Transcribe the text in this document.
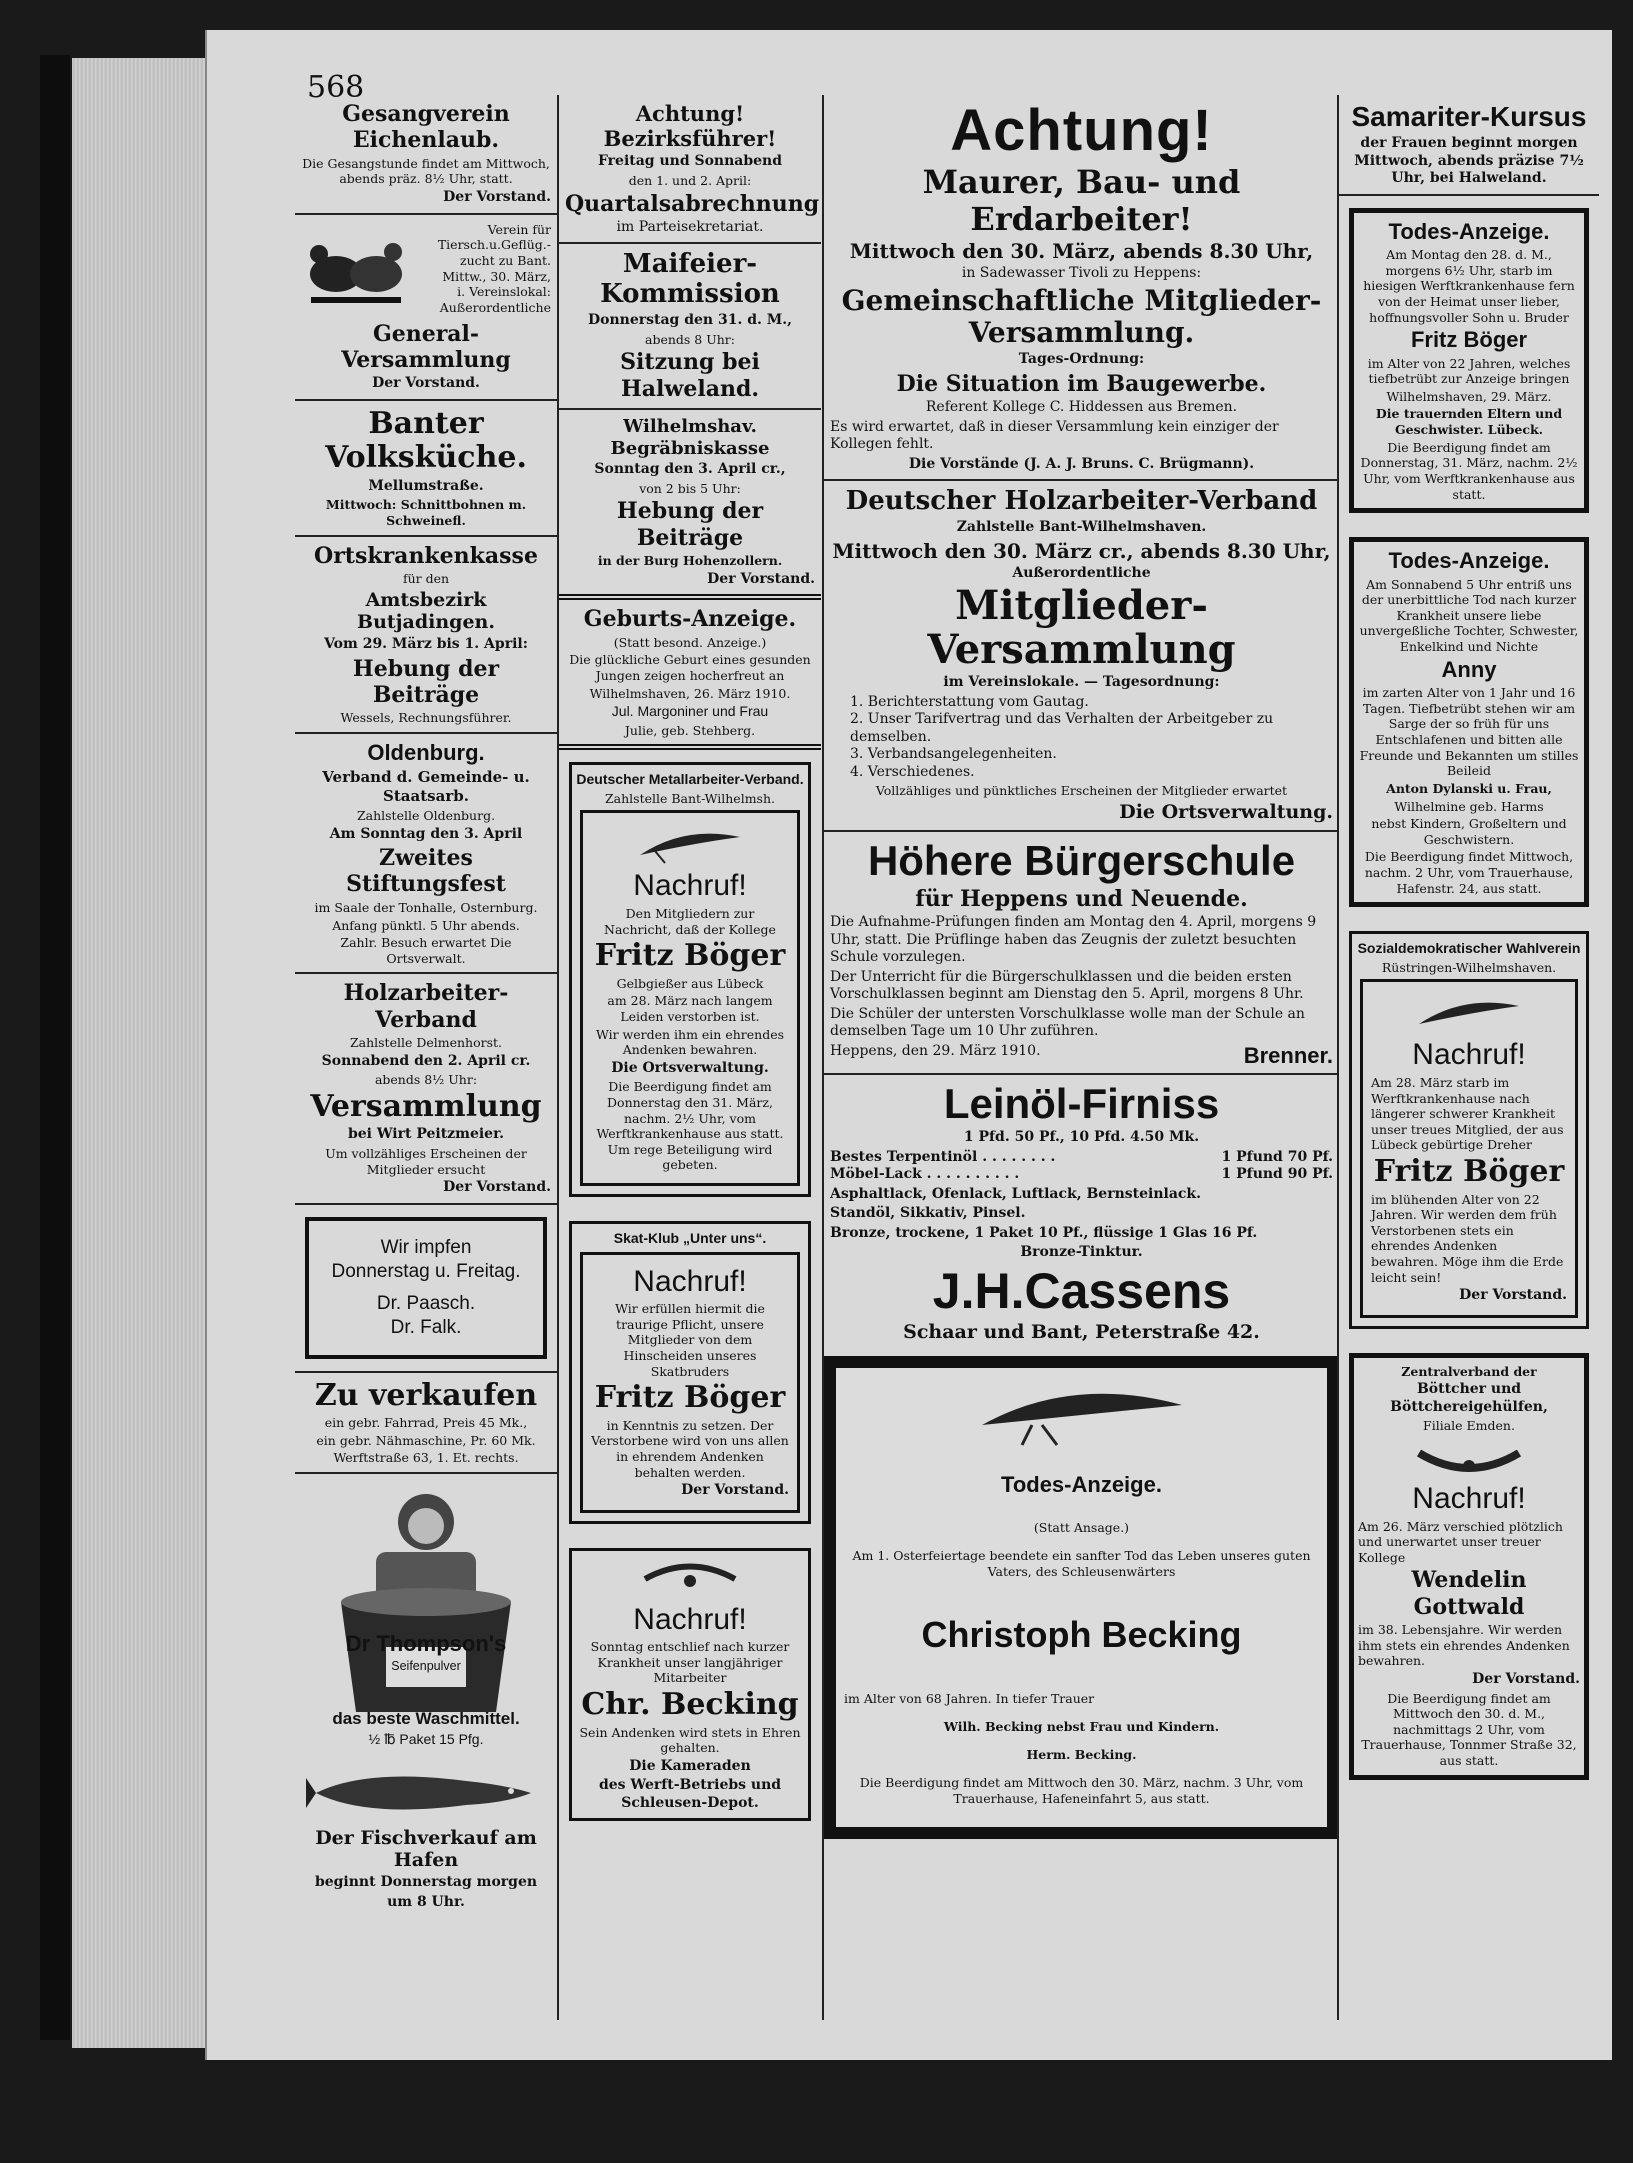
568

Gesangverein Eichenlaub.

Die Gesangstunde findet am Mittwoch, abends präz. 8½ Uhr, statt.

Der Vorstand.

Verein für
Tiersch.u.Geflüg.-
zucht zu Bant.
Mittw., 30. März,
i. Vereinslokal:
Außerordentliche

General-Versammlung

Der Vorstand.

Banter Volksküche.

Mellumstraße.

Mittwoch: Schnittbohnen m. Schweinefl.

Ortskrankenkasse

für den

Amtsbezirk Butjadingen.

Vom 29. März bis 1. April:

Hebung der Beiträge

Wessels, Rechnungsführer.

Oldenburg.

Verband d. Gemeinde- u. Staatsarb.

Zahlstelle Oldenburg.

Am Sonntag den 3. April

Zweites Stiftungsfest

im Saale der Tonhalle, Osternburg.

Anfang pünktl. 5 Uhr abends.

Zahlr. Besuch erwartet Die Ortsverwalt.

Holzarbeiter-Verband

Zahlstelle Delmenhorst.

Sonnabend den 2. April cr.

abends 8½ Uhr:

Versammlung

bei Wirt Peitzmeier.

Um vollzähliges Erscheinen der Mitglieder ersucht

Der Vorstand.

Wir impfen

Donnerstag u. Freitag.

Dr. Paasch.

Dr. Falk.

Zu verkaufen

ein gebr. Fahrrad, Preis 45 Mk.,

ein gebr. Nähmaschine, Pr. 60 Mk.

Werftstraße 63, 1. Et. rechts.

Dr Thompson's

Seifenpulver

das beste Waschmittel.

½ ℔ Paket 15 Pfg.

Der Fischverkauf am Hafen

beginnt Donnerstag morgen

um 8 Uhr.

Achtung! Bezirksführer!

Freitag und Sonnabend

den 1. und 2. April:

Quartalsabrechnung

im Parteisekretariat.

Maifeier-Kommission

Donnerstag den 31. d. M.,

abends 8 Uhr:

Sitzung bei Halweland.

Wilhelmshav. Begräbniskasse

Sonntag den 3. April cr.,

von 2 bis 5 Uhr:

Hebung der Beiträge

in der Burg Hohenzollern.

Der Vorstand.

Geburts-Anzeige.

(Statt besond. Anzeige.)

Die glückliche Geburt eines gesunden Jungen zeigen hocherfreut an

Wilhelmshaven, 26. März 1910.

Jul. Margoniner und Frau

Julie, geb. Stehberg.

Deutscher Metallarbeiter-Verband.

Zahlstelle Bant-Wilhelmsh.

Nachruf!

Den Mitgliedern zur Nachricht, daß der Kollege

Fritz Böger

Gelbgießer aus Lübeck

am 28. März nach langem Leiden verstorben ist.

Wir werden ihm ein ehrendes Andenken bewahren.

Die Ortsverwaltung.

Die Beerdigung findet am Donnerstag den 31. März, nachm. 2½ Uhr, vom Werftkrankenhause aus statt. Um rege Beteiligung wird gebeten.

Skat-Klub „Unter uns“.

Nachruf!

Wir erfüllen hiermit die traurige Pflicht, unsere Mitglieder von dem Hinscheiden unseres Skatbruders

Fritz Böger

in Kenntnis zu setzen. Der Verstorbene wird von uns allen in ehrendem Andenken behalten werden.

Der Vorstand.

Nachruf!

Sonntag entschlief nach kurzer Krankheit unser langjähriger Mitarbeiter

Chr. Becking

Sein Andenken wird stets in Ehren gehalten.

Die Kameraden

des Werft-Betriebs und Schleusen-Depot.

Achtung!

Maurer, Bau- und Erdarbeiter!

Mittwoch den 30. März, abends 8.30 Uhr,

in Sadewasser Tivoli zu Heppens:

Gemeinschaftliche Mitglieder-Versammlung.

Tages-Ordnung:

Die Situation im Baugewerbe.

Referent Kollege C. Hiddessen aus Bremen.

Es wird erwartet, daß in dieser Versammlung kein einziger der Kollegen fehlt.

Die Vorstände (J. A. J. Bruns. C. Brügmann).

Deutscher Holzarbeiter-Verband

Zahlstelle Bant-Wilhelmshaven.

Mittwoch den 30. März cr., abends 8.30 Uhr,

Außerordentliche

Mitglieder-Versammlung

im Vereinslokale. — Tagesordnung:

1. Berichterstattung vom Gautag.
2. Unser Tarifvertrag und das Verhalten der Arbeitgeber zu demselben.
3. Verbandsangelegenheiten.
4. Verschiedenes.

Vollzähliges und pünktliches Erscheinen der Mitglieder erwartet

Die Ortsverwaltung.

Höhere Bürgerschule

für Heppens und Neuende.

Die Aufnahme-Prüfungen finden am Montag den 4. April, morgens 9 Uhr, statt. Die Prüflinge haben das Zeugnis der zuletzt besuchten Schule vorzulegen.

Der Unterricht für die Bürgerschulklassen und die beiden ersten Vorschulklassen beginnt am Dienstag den 5. April, morgens 8 Uhr.

Die Schüler der untersten Vorschulklasse wolle man der Schule an demselben Tage um 10 Uhr zuführen.

Heppens, den 29. März 1910.	Brenner.

Leinöl-Firniss

1 Pfd. 50 Pf., 10 Pfd. 4.50 Mk.

Bestes Terpentinöl . . . . . . . .	1 Pfund 70 Pf.
Möbel-Lack . . . . . . . . . .	1 Pfund 90 Pf.

Asphaltlack, Ofenlack, Luftlack, Bernsteinlack.

Standöl, Sikkativ, Pinsel.

Bronze, trockene, 1 Paket 10 Pf., flüssige 1 Glas 16 Pf.

Bronze-Tinktur.

J.H.Cassens

Schaar und Bant, Peterstraße 42.

Todes-Anzeige.

(Statt Ansage.)

Am 1. Osterfeiertage beendete ein sanfter Tod das Leben unseres guten Vaters, des Schleusenwärters

Christoph Becking

im Alter von 68 Jahren. In tiefer Trauer

Wilh. Becking nebst Frau und Kindern.

Herm. Becking.

Die Beerdigung findet am Mittwoch den 30. März, nachm. 3 Uhr, vom Trauerhause, Hafeneinfahrt 5, aus statt.

Samariter-Kursus

der Frauen beginnt morgen Mittwoch, abends präzise 7½ Uhr, bei Halweland.

Todes-Anzeige.

Am Montag den 28. d. M., morgens 6½ Uhr, starb im hiesigen Werftkrankenhause fern von der Heimat unser lieber, hoffnungsvoller Sohn u. Bruder

Fritz Böger

im Alter von 22 Jahren, welches tiefbetrübt zur Anzeige bringen

Wilhelmshaven, 29. März.

Die trauernden Eltern und Geschwister. Lübeck.

Die Beerdigung findet am Donnerstag, 31. März, nachm. 2½ Uhr, vom Werftkrankenhause aus statt.

Todes-Anzeige.

Am Sonnabend 5 Uhr entriß uns der unerbittliche Tod nach kurzer Krankheit unsere liebe unvergeßliche Tochter, Schwester, Enkelkind und Nichte

Anny

im zarten Alter von 1 Jahr und 16 Tagen. Tiefbetrübt stehen wir am Sarge der so früh für uns Entschlafenen und bitten alle Freunde und Bekannten um stilles Beileid

Anton Dylanski u. Frau,

Wilhelmine geb. Harms

nebst Kindern, Großeltern und Geschwistern.

Die Beerdigung findet Mittwoch, nachm. 2 Uhr, vom Trauerhause, Hafenstr. 24, aus statt.

Sozialdemokratischer Wahlverein

Rüstringen-Wilhelmshaven.

Nachruf!

Am 28. März starb im Werftkrankenhause nach längerer schwerer Krankheit unser treues Mitglied, der aus Lübeck gebürtige Dreher

Fritz Böger

im blühenden Alter von 22 Jahren. Wir werden dem früh Verstorbenen stets ein ehrendes Andenken bewahren. Möge ihm die Erde leicht sein!

Der Vorstand.

Zentralverband der

Böttcher und Böttchereigehülfen,

Filiale Emden.

Nachruf!

Am 26. März verschied plötzlich und unerwartet unser treuer Kollege

Wendelin Gottwald

im 38. Lebensjahre. Wir werden ihm stets ein ehrendes Andenken bewahren.

Der Vorstand.

Die Beerdigung findet am Mittwoch den 30. d. M., nachmittags 2 Uhr, vom Trauerhause, Tonnmer Straße 32, aus statt.
